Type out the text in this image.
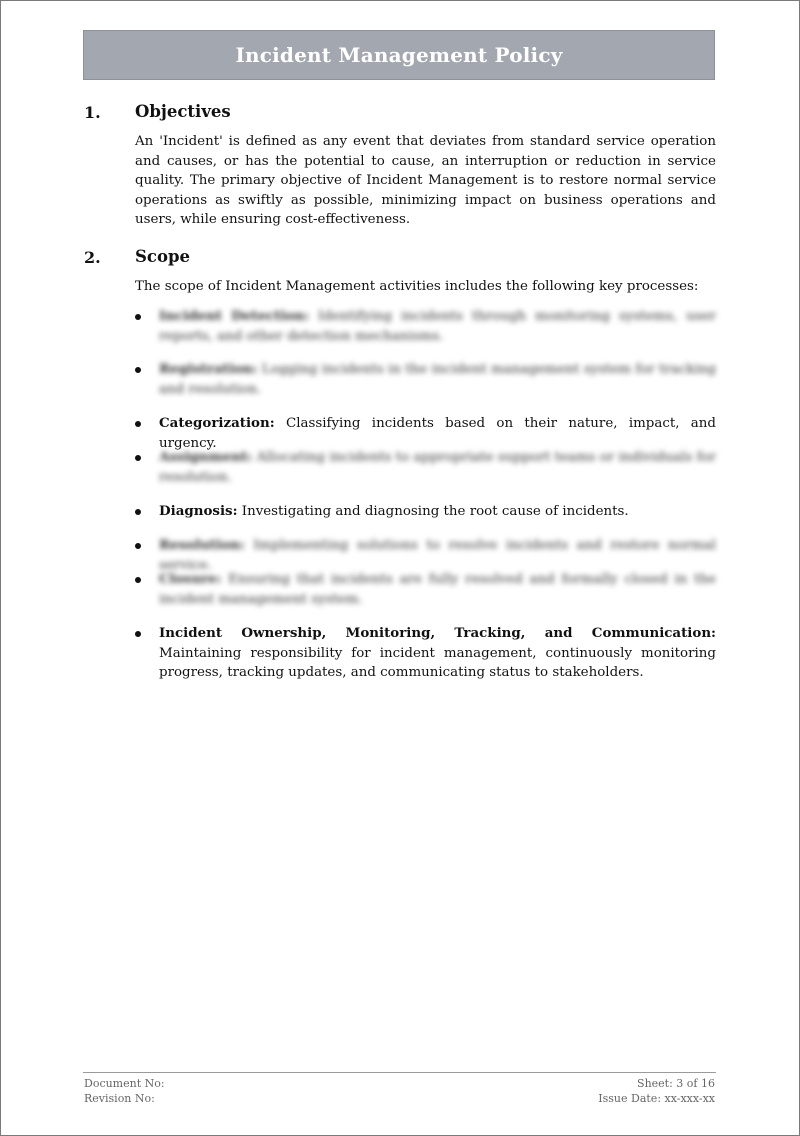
Incident Management Policy
1. Objectives

An 'Incident' is defined as any event that deviates from standard service operation and causes, or has the potential to cause, an interruption or reduction in service quality. The primary objective of Incident Management is to restore normal service operations as swiftly as possible, minimizing impact on business operations and users, while ensuring cost-effectiveness.

2. Scope

The scope of Incident Management activities includes the following key processes:

Incident Detection: Identifying incidents through monitoring systems, user reports, and other detection mechanisms.
Registration: Logging incidents in the incident management system for tracking and resolution.
Categorization: Classifying incidents based on their nature, impact, and urgency.
Assignment: Allocating incidents to appropriate support teams or individuals for resolution.
Diagnosis: Investigating and diagnosing the root cause of incidents.
Resolution: Implementing solutions to resolve incidents and restore normal service.
Closure: Ensuring that incidents are fully resolved and formally closed in the incident management system.
Incident Ownership, Monitoring, Tracking, and Communication: Maintaining responsibility for incident management, continuously monitoring progress, tracking updates, and communicating status to stakeholders.
Document No:
Revision No:
Sheet: 3 of 16
Issue Date: xx-xxx-xx
